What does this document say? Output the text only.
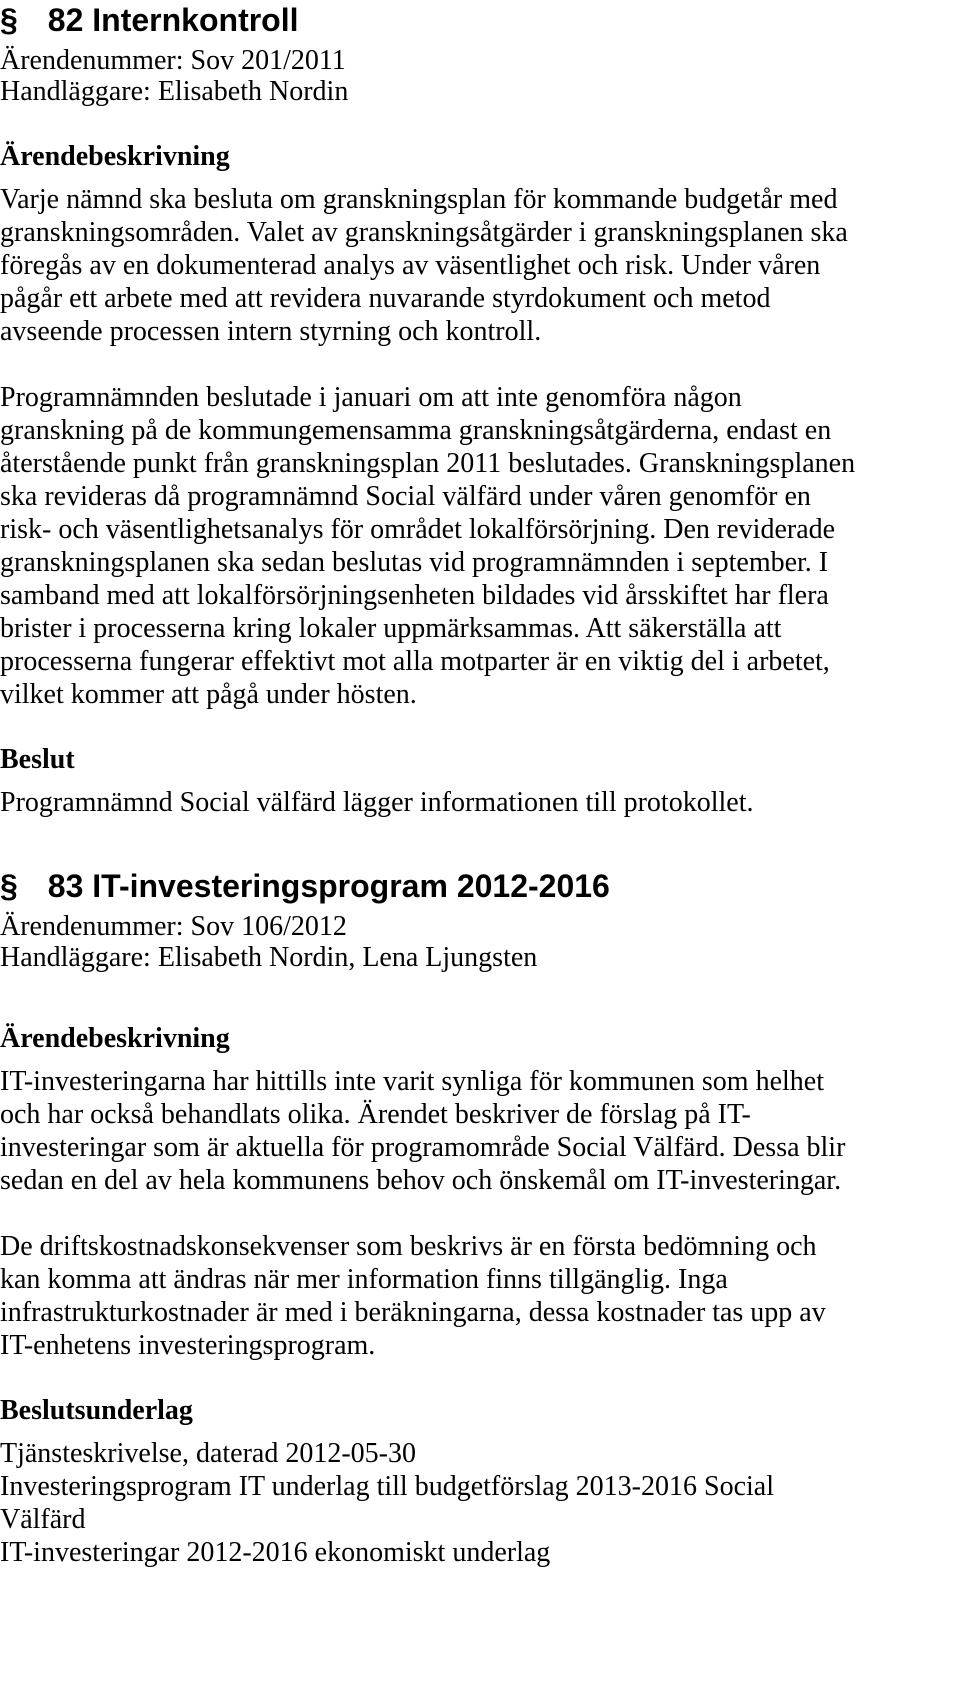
§ 82 Internkontroll
Ärendenummer: Sov 201/2011
Handläggare: Elisabeth Nordin
Ärendebeskrivning
Varje nämnd ska besluta om granskningsplan för kommande budgetår med
granskningsområden. Valet av granskningsåtgärder i granskningsplanen ska
föregås av en dokumenterad analys av väsentlighet och risk. Under våren
pågår ett arbete med att revidera nuvarande styrdokument och metod
avseende processen intern styrning och kontroll.
Programnämnden beslutade i januari om att inte genomföra någon
granskning på de kommungemensamma granskningsåtgärderna, endast en
återstående punkt från granskningsplan 2011 beslutades. Granskningsplanen
ska revideras då programnämnd Social välfärd under våren genomför en
risk- och väsentlighetsanalys för området lokalförsörjning. Den reviderade
granskningsplanen ska sedan beslutas vid programnämnden i september. I
samband med att lokalförsörjningsenheten bildades vid årsskiftet har flera
brister i processerna kring lokaler uppmärksammas. Att säkerställa att
processerna fungerar effektivt mot alla motparter är en viktig del i arbetet,
vilket kommer att pågå under hösten.
Beslut
Programnämnd Social välfärd lägger informationen till protokollet.
§ 83 IT-investeringsprogram 2012-2016
Ärendenummer: Sov 106/2012
Handläggare: Elisabeth Nordin, Lena Ljungsten
Ärendebeskrivning
IT-investeringarna har hittills inte varit synliga för kommunen som helhet
och har också behandlats olika. Ärendet beskriver de förslag på IT-
investeringar som är aktuella för programområde Social Välfärd. Dessa blir
sedan en del av hela kommunens behov och önskemål om IT-investeringar.
De driftskostnadskonsekvenser som beskrivs är en första bedömning och
kan komma att ändras när mer information finns tillgänglig. Inga
infrastrukturkostnader är med i beräkningarna, dessa kostnader tas upp av
IT-enhetens investeringsprogram.
Beslutsunderlag
Tjänsteskrivelse, daterad 2012-05-30
Investeringsprogram IT underlag till budgetförslag 2013-2016 Social
Välfärd
IT-investeringar 2012-2016 ekonomiskt underlag
